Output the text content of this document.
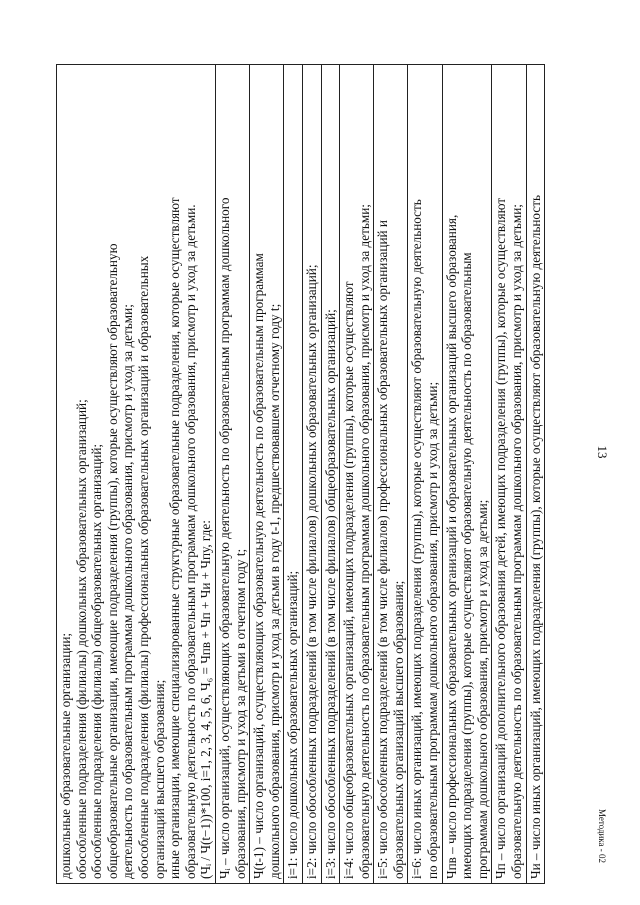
13
дошкольные образовательные организации; обособленные подразделения (филиалы) дошкольных образовательных организаций; обособленные подразделения (филиалы) общеобразовательных организаций; общеобразовательные организации, имеющие подразделения (группы), которые осуществляют образовательную деятельность по образовательным программам дошкольного образования, присмотр и уход за детьми; обособленные подразделения (филиалы) профессиональных образовательных организаций и образовательных организаций высшего образования; иные организации, имеющие специализированные структурные образовательные подразделения, которые осуществляют образовательную деятельность по образовательным программам дошкольного образования, присмотр и уход за детьми. (Чᵢ / Ч(t−1))*100, i=1, 2, 3, 4, 5, 6, Ч₆ = Чпв + Чп + Чи + Чпу, где:

Чᵢ – число организаций, осуществляющих образовательную деятельность по образовательным программам дошкольного образования, присмотр и уход за детьми в отчетном году t;

Ч(t-1) – число организаций, осуществляющих образовательную деятельность по образовательным программам дошкольного образования, присмотр и уход за детьми в году t-1, предшествовавшем отчетному году t;

i=1: число дошкольных образовательных организаций;

i=2: число обособленных подразделений (в том числе филиалов) дошкольных образовательных организаций;

i=3: число обособленных подразделений (в том числе филиалов) общеобразовательных организаций;

i=4: число общеобразовательных организаций, имеющих подразделения (группы), которые осуществляют образовательную деятельность по образовательным программам дошкольного образования, присмотр и уход за детьми;

i=5: число обособленных подразделений (в том числе филиалов) профессиональных образовательных организаций и образовательных организаций высшего образования;

i=6: число иных организаций, имеющих подразделения (группы), которые осуществляют образовательную деятельность по образовательным программам дошкольного образования, присмотр и уход за детьми;

Чпв – число профессиональных образовательных организаций и образовательных организаций высшего образования, имеющих подразделения (группы), которые осуществляют образовательную деятельность по образовательным программам дошкольного образования, присмотр и уход за детьми;

Чп – число организаций дополнительного образования детей, имеющих подразделения (группы), которые осуществляют образовательную деятельность по образовательным программам дошкольного образования, присмотр и уход за детьми;

Чи – число иных организаций, имеющих подразделения (группы), которые осуществляют образовательную деятельность	Методика - 02
